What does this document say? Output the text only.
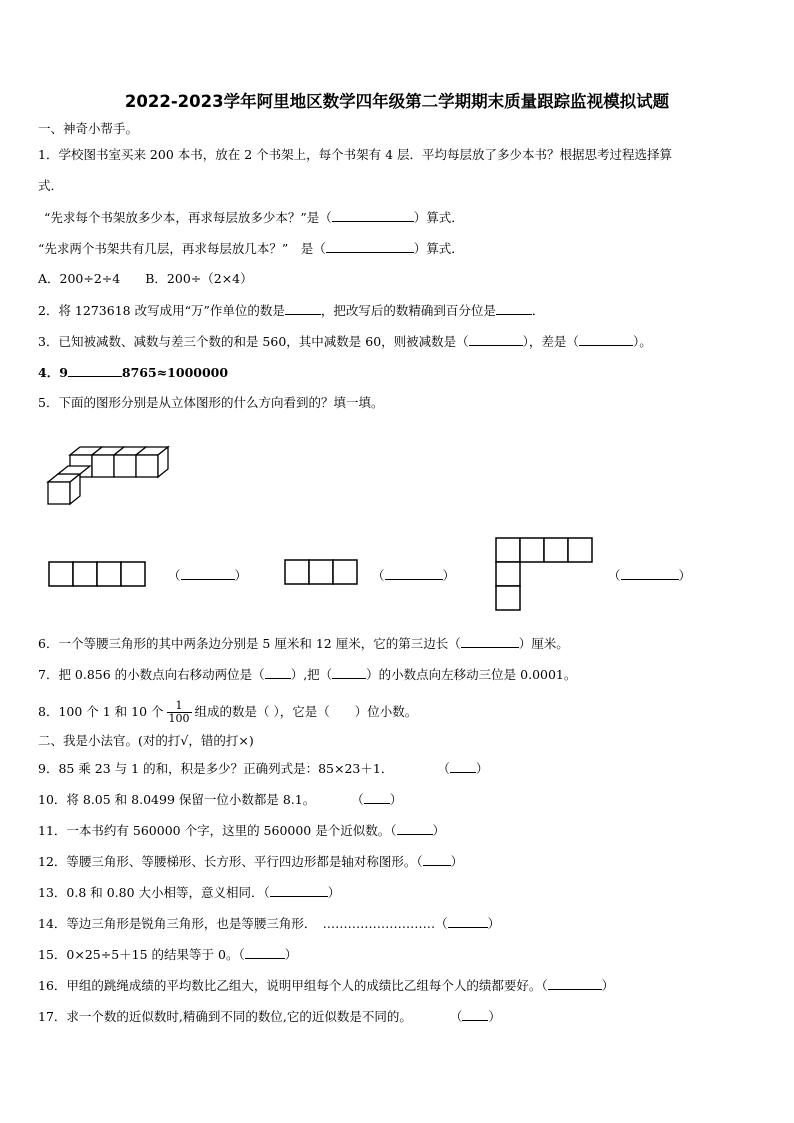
2022-2023学年阿里地区数学四年级第二学期期末质量跟踪监视模拟试题
一、神奇小帮手。
1．学校图书室买来 200 本书，放在 2 个书架上，每个书架有 4 层．平均每层放了多少本书？根据思考过程选择算
式．
“先求每个书架放多少本，再求每层放多少本？”是（	）算式．
“先求两个书架共有几层，再求每层放几本？”　是（	）算式．
A．200÷2÷4　　B．200÷（2×4）
2．将 1273618 改写成用“万”作单位的数是	，把改写后的数精确到百分位是	．
3．已知被减数、减数与差三个数的和是 560，其中减数是 60，则被减数是（	），差是（	）。
4．9	8765≈1000000
5．下面的图形分别是从立体图形的什么方向看到的？填一填。
（	）	（	）	（	）
6．一个等腰三角形的其中两条边分别是 5 厘米和 12 厘米，它的第三边长（	）厘米。
7．把 0.856 的小数点向右移动两位是（ ）,把（	）的小数点向左移动三位是 0.0001。
8．100 个 1 和 10 个 $\frac{1}{100}$ 组成的数是（ ），它是（　　）位小数。
二、我是小法官。(对的打√，错的打×)
9．85 乘 23 与 1 的和，积是多少？正确列式是：85×23＋1．	（ ）
10．将 8.05 和 8.0499 保留一位小数都是 8.1。	（ ）
11．一本书约有 560000 个字，这里的 560000 是个近似数。（	）
12．等腰三角形、等腰梯形、长方形、平行四边形都是轴对称图形。（ ）
13．0.8 和 0.80 大小相等，意义相同．（	）
14．等边三角形是锐角三角形，也是等腰三角形．　………………………（	）
15．0×25÷5＋15 的结果等于 0。（	）
16．甲组的跳绳成绩的平均数比乙组大，说明甲组每个人的成绩比乙组每个人的绩都要好。（	）
17．求一个数的近似数时,精确到不同的数位,它的近似数是不同的。	（ ）
